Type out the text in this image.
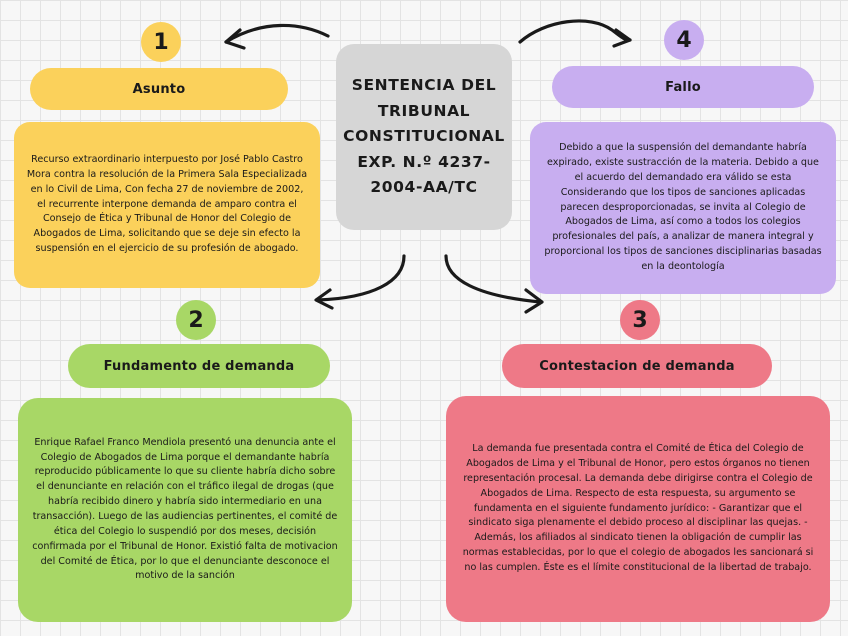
SENTENCIA DEL TRIBUNAL CONSTITUCIONAL EXP. N.º 4237-2004-AA/TC
1
Asunto
Recurso extraordinario interpuesto por José Pablo Castro Mora contra la resolución de la Primera Sala Especializada en lo Civil de Lima, Con fecha 27 de noviembre de 2002, el recurrente interpone demanda de amparo contra el Consejo de Ética y Tribunal de Honor del Colegio de Abogados de Lima, solicitando que se deje sin efecto la suspensión en el ejercicio de su profesión de abogado.
4
Fallo
Debido a que la suspensión del demandante habría expirado, existe sustracción de la materia. Debido a que el acuerdo del demandado era válido se esta Considerando que los tipos de sanciones aplicadas parecen desproporcionadas, se invita al Colegio de Abogados de Lima, así como a todos los colegios profesionales del país, a analizar de manera integral y proporcional los tipos de sanciones disciplinarias basadas en la deontología
2
Fundamento de demanda
Enrique Rafael Franco Mendiola presentó una denuncia ante el Colegio de Abogados de Lima porque el demandante habría reproducido públicamente lo que su cliente habría dicho sobre el denunciante en relación con el tráfico ilegal de drogas (que habría recibido dinero y habría sido intermediario en una transacción). Luego de las audiencias pertinentes, el comité de ética del Colegio lo suspendió por dos meses, decisión confirmada por el Tribunal de Honor. Existió falta de motivacion del Comité de Ética, por lo que el denunciante desconoce el motivo de la sanción
3
Contestacion de demanda
La demanda fue presentada contra el Comité de Ética del Colegio de Abogados de Lima y el Tribunal de Honor, pero estos órganos no tienen representación procesal. La demanda debe dirigirse contra el Colegio de Abogados de Lima. Respecto de esta respuesta, su argumento se fundamenta en el siguiente fundamento jurídico: - Garantizar que el sindicato siga plenamente el debido proceso al disciplinar las quejas. - Además, los afiliados al sindicato tienen la obligación de cumplir las normas establecidas, por lo que el colegio de abogados les sancionará si no las cumplen. Éste es el límite constitucional de la libertad de trabajo.
